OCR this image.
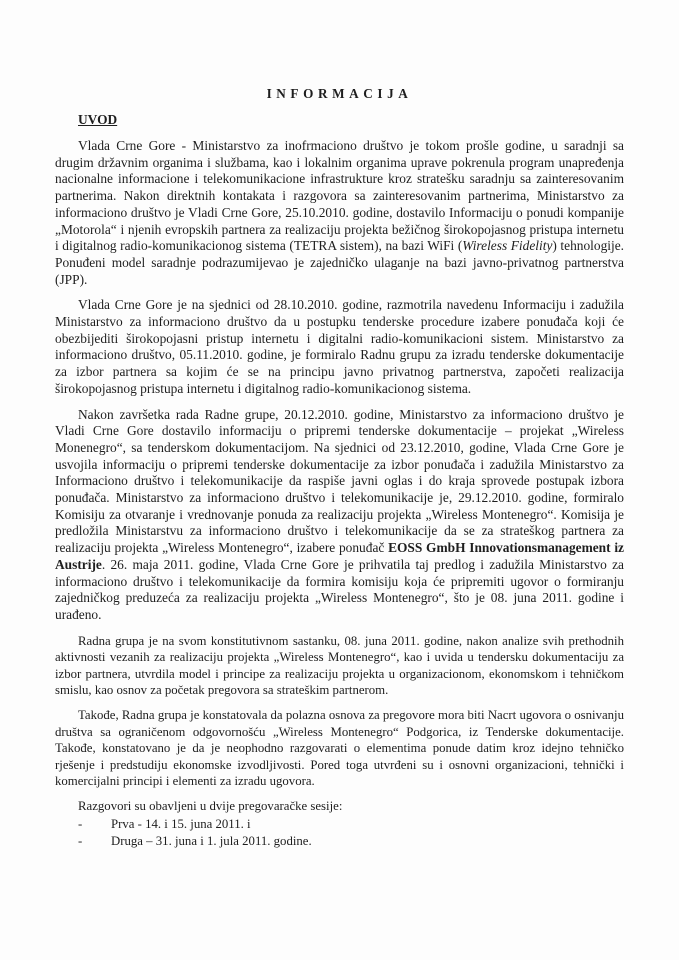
INFORMACIJA
UVOD

Vlada Crne Gore - Ministarstvo za inofrmaciono društvo je tokom prošle godine, u saradnji sa drugim državnim organima i službama, kao i lokalnim organima uprave pokrenula program unapređenja nacionalne informacione i telekomunikacione infrastrukture kroz stratešku saradnju sa zainteresovanim partnerima. Nakon direktnih kontakata i razgovora sa zainteresovanim partnerima, Ministarstvo za informaciono društvo je Vladi Crne Gore, 25.10.2010. godine, dostavilo Informaciju o ponudi kompanije „Motorola“ i njenih evropskih partnera za realizaciju projekta bežičnog širokopojasnog pristupa internetu i digitalnog radio-komunikacionog sistema (TETRA sistem), na bazi WiFi (Wireless Fidelity) tehnologije. Ponuđeni model saradnje podrazumijevao je zajedničko ulaganje na bazi javno-privatnog partnerstva (JPP).

Vlada Crne Gore je na sjednici od 28.10.2010. godine, razmotrila navedenu Informaciju i zadužila Ministarstvo za informaciono društvo da u postupku tenderske procedure izabere ponuđača koji će obezbijediti širokopojasni pristup internetu i digitalni radio-komunikacioni sistem. Ministarstvo za informaciono društvo, 05.11.2010. godine, je formiralo Radnu grupu za izradu tenderske dokumentacije za izbor partnera sa kojim će se na principu javno privatnog partnerstva, započeti realizacija širokopojasnog pristupa internetu i digitalnog radio-komunikacionog sistema.

Nakon završetka rada Radne grupe, 20.12.2010. godine, Ministarstvo za informaciono društvo je Vladi Crne Gore dostavilo informaciju o pripremi tenderske dokumentacije – projekat „Wireless Monenegro“, sa tenderskom dokumentacijom. Na sjednici od 23.12.2010, godine, Vlada Crne Gore je usvojila informaciju o pripremi tenderske dokumentacije za izbor ponuđača i zadužila Ministarstvo za Informaciono društvo i telekomunikacije da raspiše javni oglas i do kraja sprovede postupak izbora ponuđača. Ministarstvo za informaciono društvo i telekomunikacije je, 29.12.2010. godine, formiralo Komisiju za otvaranje i vrednovanje ponuda za realizaciju projekta „Wireless Montenegro“. Komisija je predložila Ministarstvu za informaciono društvo i telekomunikacije da se za strateškog partnera za realizaciju projekta „Wireless Montenegro“, izabere ponuđač EOSS GmbH Innovationsmanagement iz Austrije. 26. maja 2011. godine, Vlada Crne Gore je prihvatila taj predlog i zadužila Ministarstvo za informaciono društvo i telekomunikacije da formira komisiju koja će pripremiti ugovor o formiranju zajedničkog preduzeća za realizaciju projekta „Wireless Montenegro“, što je 08. juna 2011. godine i urađeno.

Radna grupa je na svom konstitutivnom sastanku, 08. juna 2011. godine, nakon analize svih prethodnih aktivnosti vezanih za realizaciju projekta „Wireless Montenegro“, kao i uvida u tendersku dokumentaciju za izbor partnera, utvrdila model i principe za realizaciju projekta u organizacionom, ekonomskom i tehničkom smislu, kao osnov za početak pregovora sa strateškim partnerom.

Takođe, Radna grupa je konstatovala da polazna osnova za pregovore mora biti Nacrt ugovora o osnivanju društva sa ograničenom odgovornošću „Wireless Montenegro“ Podgorica, iz Tenderske dokumentacije. Takođe, konstatovano je da je neophodno razgovarati o elementima ponude datim kroz idejno tehničko rješenje i predstudiju ekonomske izvodljivosti. Pored toga utvrđeni su i osnovni organizacioni, tehnički i komercijalni principi i elementi za izradu ugovora.

Razgovori su obavljeni u dvije pregovaračke sesije:

-	Prva - 14. i 15. juna 2011. i
-	Druga – 31. juna i 1. jula 2011. godine.
